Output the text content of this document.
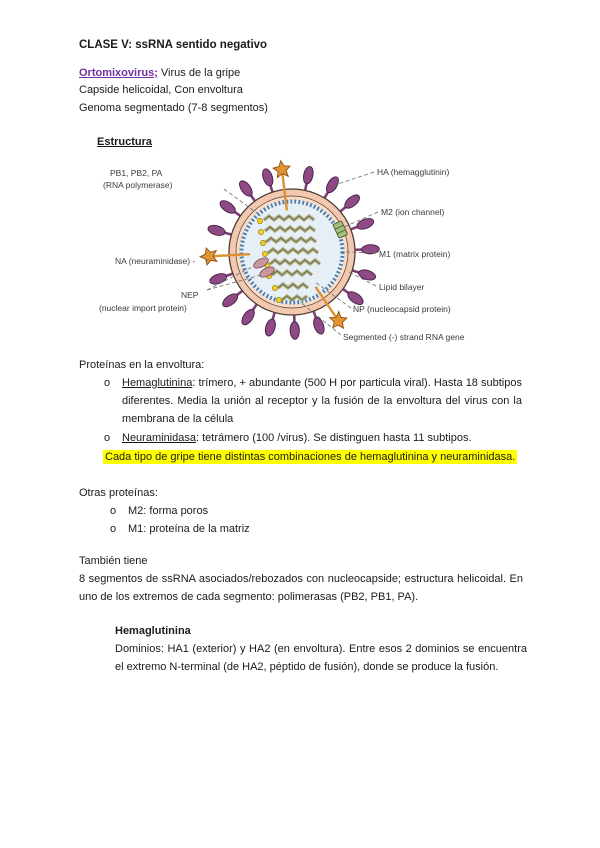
CLASE V: ssRNA sentido negativo
Ortomixovirus; Virus de la gripe
Capside helicoidal, Con envoltura
Genoma segmentado (7-8 segmentos)
Estructura
PB1, PB2, PA
(RNA polymerase)
HA (hemagglutinin)
M2 (ion channel)
M1 (matrix protein)
Lipid bilayer
NP (nucleocapsid protein)
Segmented (-) strand RNA gene
NA (neuraminidase) -
NEP
(nuclear import protein)
Proteínas en la envoltura:
o	Hemaglutinina: trímero, + abundante (500 H por particula viral). Hasta 18 subtipos diferentes. Media la unión al receptor y la fusión de la envoltura del virus con la membrana de la célula
o	Neuraminidasa: tetrámero (100 /virus). Se distinguen hasta 11 subtipos.
Cada tipo de gripe tiene distintas combinaciones de hemaglutinina y neuraminidasa.
Otras proteínas:
o	M2: forma poros
o	M1: proteína de la matriz
También tiene
8 segmentos de ssRNA asociados/rebozados con nucleocapside; estructura helicoidal. En uno de los extremos de cada segmento: polimerasas (PB2, PB1, PA).
Hemaglutinina
Dominios: HA1 (exterior) y HA2 (en envoltura). Entre esos 2 dominios se encuentra el extremo N-terminal (de HA2, péptido de fusión), donde se produce la fusión.
